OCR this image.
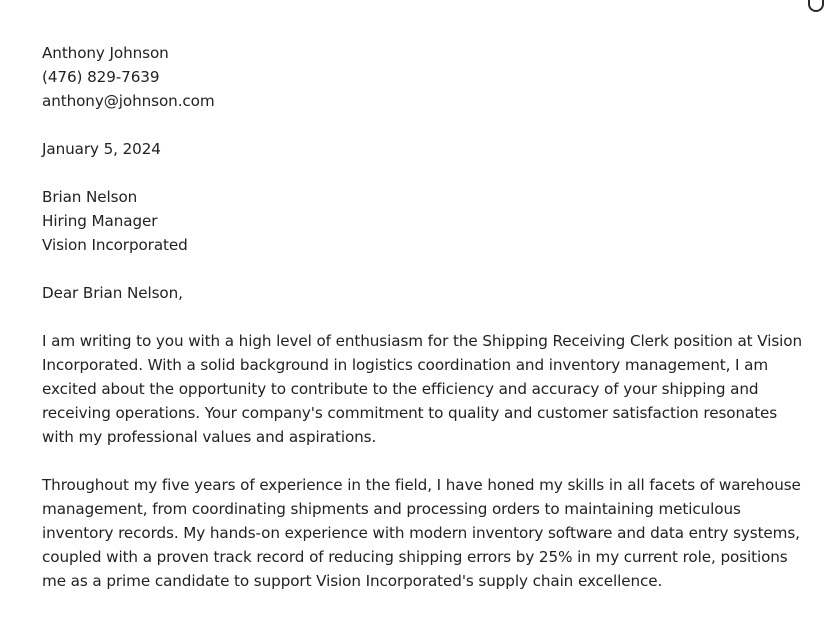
Anthony Johnson
(476) 829-7639
anthony@johnson.com
January 5, 2024
Brian Nelson
Hiring Manager
Vision Incorporated
Dear Brian Nelson,

I am writing to you with a high level of enthusiasm for the Shipping Receiving Clerk position at Vision Incorporated. With a solid background in logistics coordination and inventory management, I am excited about the opportunity to contribute to the efficiency and accuracy of your shipping and receiving operations. Your company's commitment to quality and customer satisfaction resonates with my professional values and aspirations.

Throughout my five years of experience in the field, I have honed my skills in all facets of warehouse management, from coordinating shipments and processing orders to maintaining meticulous inventory records. My hands-on experience with modern inventory software and data entry systems, coupled with a proven track record of reducing shipping errors by 25% in my current role, positions me as a prime candidate to support Vision Incorporated's supply chain excellence.
